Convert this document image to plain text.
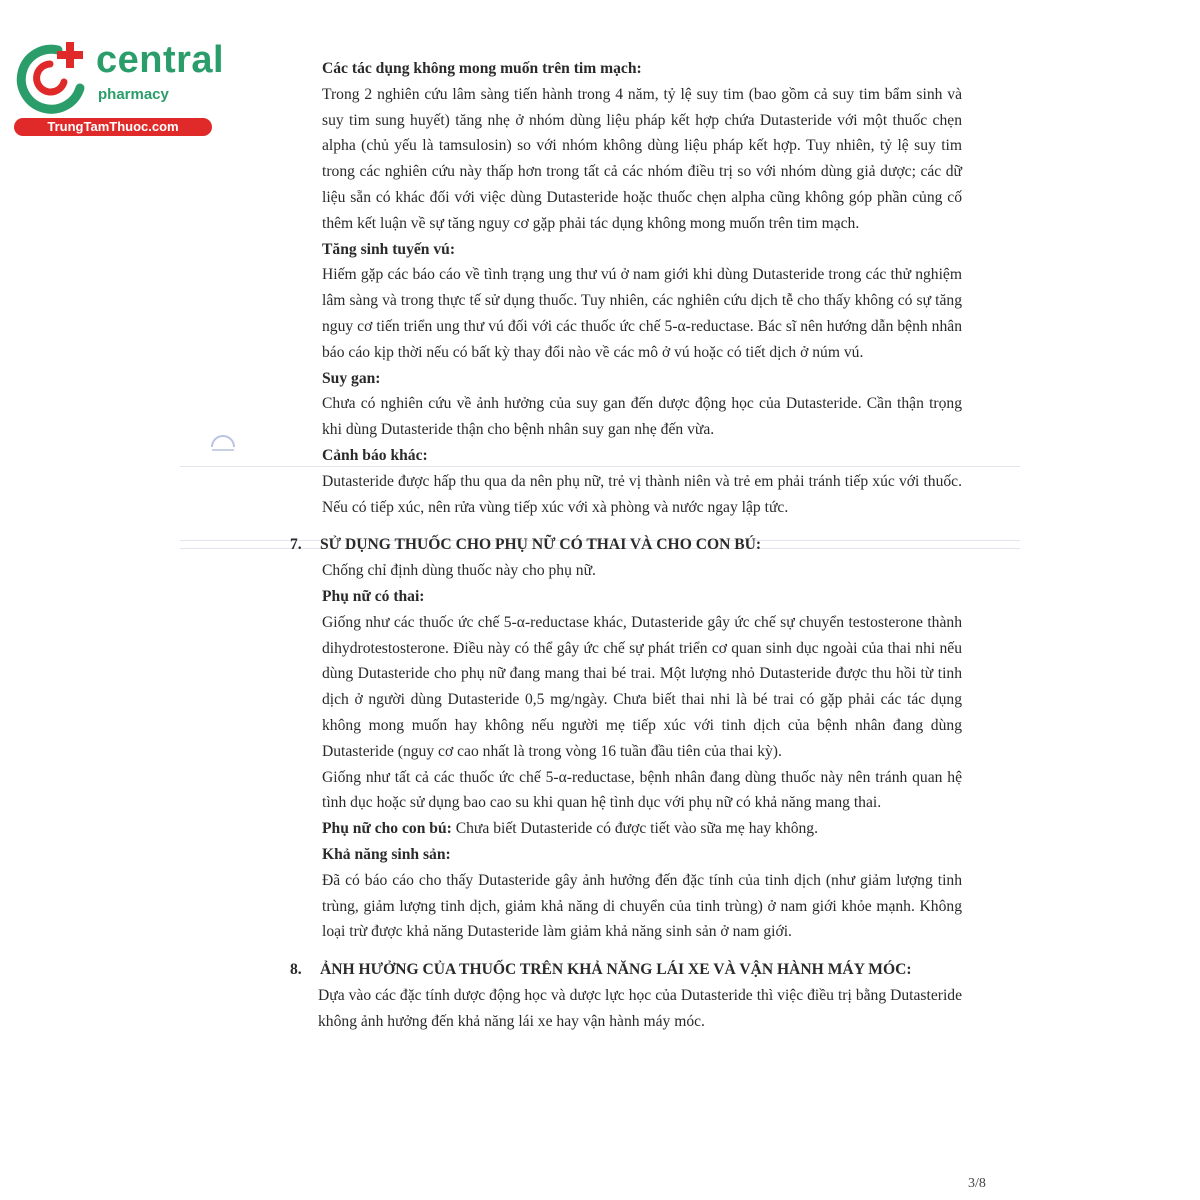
central
pharmacy
TrungTamThuoc.com

Các tác dụng không mong muốn trên tim mạch:

Trong 2 nghiên cứu lâm sàng tiến hành trong 4 năm, tỷ lệ suy tim (bao gồm cả suy tim bẩm sinh và suy tim sung huyết) tăng nhẹ ở nhóm dùng liệu pháp kết hợp chứa Dutasteride với một thuốc chẹn alpha (chủ yếu là tamsulosin) so với nhóm không dùng liệu pháp kết hợp. Tuy nhiên, tỷ lệ suy tim trong các nghiên cứu này thấp hơn trong tất cả các nhóm điều trị so với nhóm dùng giả dược; các dữ liệu sẵn có khác đối với việc dùng Dutasteride hoặc thuốc chẹn alpha cũng không góp phần củng cố thêm kết luận về sự tăng nguy cơ gặp phải tác dụng không mong muốn trên tim mạch.

Tăng sinh tuyến vú:

Hiếm gặp các báo cáo về tình trạng ung thư vú ở nam giới khi dùng Dutasteride trong các thử nghiệm lâm sàng và trong thực tế sử dụng thuốc. Tuy nhiên, các nghiên cứu dịch tễ cho thấy không có sự tăng nguy cơ tiến triển ung thư vú đối với các thuốc ức chế 5-α-reductase. Bác sĩ nên hướng dẫn bệnh nhân báo cáo kịp thời nếu có bất kỳ thay đổi nào về các mô ở vú hoặc có tiết dịch ở núm vú.

Suy gan:

Chưa có nghiên cứu về ảnh hưởng của suy gan đến dược động học của Dutasteride. Cần thận trọng khi dùng Dutasteride thận cho bệnh nhân suy gan nhẹ đến vừa.

Cảnh báo khác:

Dutasteride được hấp thu qua da nên phụ nữ, trẻ vị thành niên và trẻ em phải tránh tiếp xúc với thuốc. Nếu có tiếp xúc, nên rửa vùng tiếp xúc với xà phòng và nước ngay lập tức.

7.	SỬ DỤNG THUỐC CHO PHỤ NỮ CÓ THAI VÀ CHO CON BÚ:

Chống chỉ định dùng thuốc này cho phụ nữ.

Phụ nữ có thai:

Giống như các thuốc ức chế 5-α-reductase khác, Dutasteride gây ức chế sự chuyển testosterone thành dihydrotestosterone. Điều này có thể gây ức chế sự phát triển cơ quan sinh dục ngoài của thai nhi nếu dùng Dutasteride cho phụ nữ đang mang thai bé trai. Một lượng nhỏ Dutasteride được thu hồi từ tinh dịch ở người dùng Dutasteride 0,5 mg/ngày. Chưa biết thai nhi là bé trai có gặp phải các tác dụng không mong muốn hay không nếu người mẹ tiếp xúc với tinh dịch của bệnh nhân đang dùng Dutasteride (nguy cơ cao nhất là trong vòng 16 tuần đầu tiên của thai kỳ).

Giống như tất cả các thuốc ức chế 5-α-reductase, bệnh nhân đang dùng thuốc này nên tránh quan hệ tình dục hoặc sử dụng bao cao su khi quan hệ tình dục với phụ nữ có khả năng mang thai.

Phụ nữ cho con bú: Chưa biết Dutasteride có được tiết vào sữa mẹ hay không.

Khả năng sinh sản:

Đã có báo cáo cho thấy Dutasteride gây ảnh hưởng đến đặc tính của tinh dịch (như giảm lượng tinh trùng, giảm lượng tinh dịch, giảm khả năng di chuyển của tinh trùng) ở nam giới khỏe mạnh. Không loại trừ được khả năng Dutasteride làm giảm khả năng sinh sản ở nam giới.

8.	ẢNH HƯỞNG CỦA THUỐC TRÊN KHẢ NĂNG LÁI XE VÀ VẬN HÀNH MÁY MÓC:

Dựa vào các đặc tính dược động học và dược lực học của Dutasteride thì việc điều trị bằng Dutasteride không ảnh hưởng đến khả năng lái xe hay vận hành máy móc.

3/8
